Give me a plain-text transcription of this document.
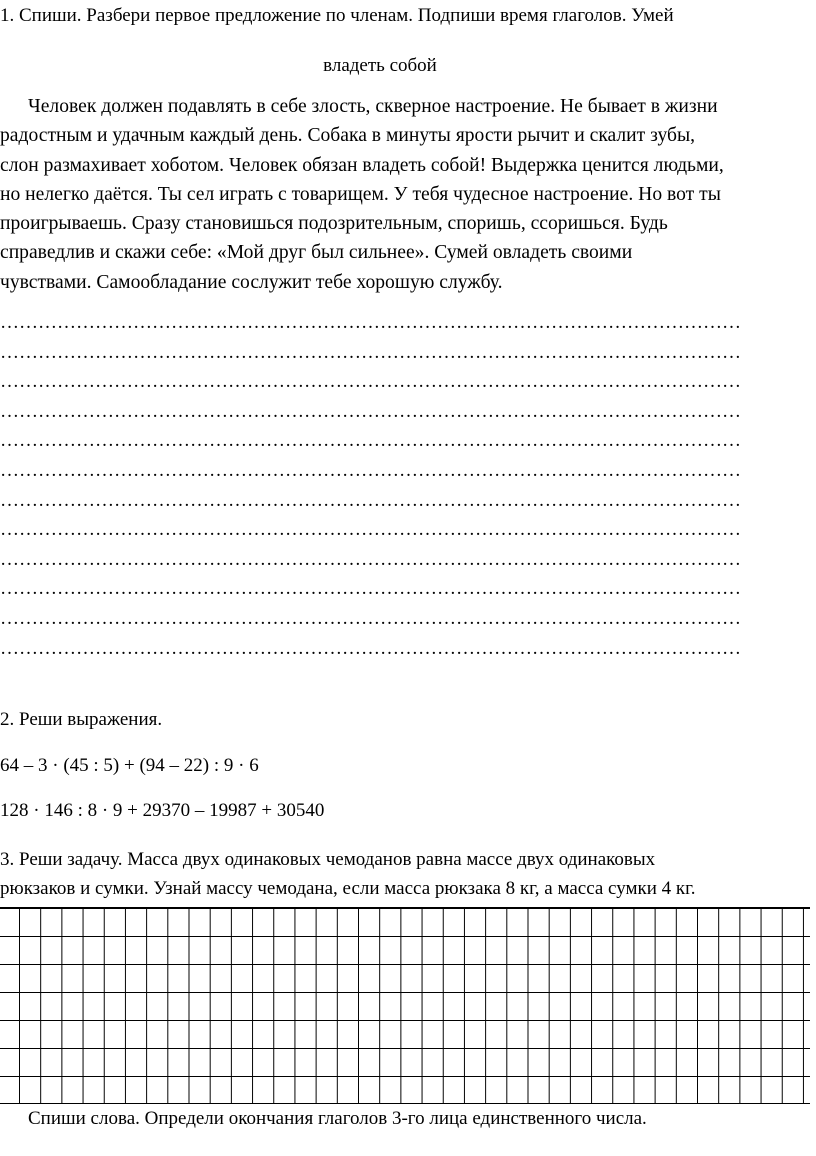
1. Спиши. Разбери первое предложение по членам. Подпиши время глаголов. Умей
владеть собой
Человек должен подавлять в себе злость, скверное настроение. Не бывает в жизни
радостным и удачным каждый день. Собака в минуты ярости рычит и скалит зубы,
слон размахивает хоботом. Человек обязан владеть собой! Выдержка ценится людьми,
но нелегко даётся. Ты сел играть с товарищем. У тебя чудесное настроение. Но вот ты
проигрываешь. Сразу становишься подозрительным, споришь, ссоришься. Будь
справедлив и скажи себе: «Мой друг был сильнее». Сумей овладеть своими
чувствами. Самообладание сослужит тебе хорошую службу.
………………………………………………………………………………………………………
………………………………………………………………………………………………………
………………………………………………………………………………………………………
………………………………………………………………………………………………………
………………………………………………………………………………………………………
………………………………………………………………………………………………………
………………………………………………………………………………………………………
………………………………………………………………………………………………………
………………………………………………………………………………………………………
………………………………………………………………………………………………………
………………………………………………………………………………………………………
………………………………………………………………………………………………………
2. Реши выражения.
64 – 3 · (45 : 5) + (94 – 22) : 9 · 6
128 · 146 : 8 · 9 + 29370 – 19987 + 30540
3. Реши задачу. Масса двух одинаковых чемоданов равна массе двух одинаковых
рюкзаков и сумки. Узнай массу чемодана, если масса рюкзака 8 кг, а масса сумки 4 кг.
Спиши слова. Определи окончания глаголов 3-го лица единственного числа.
